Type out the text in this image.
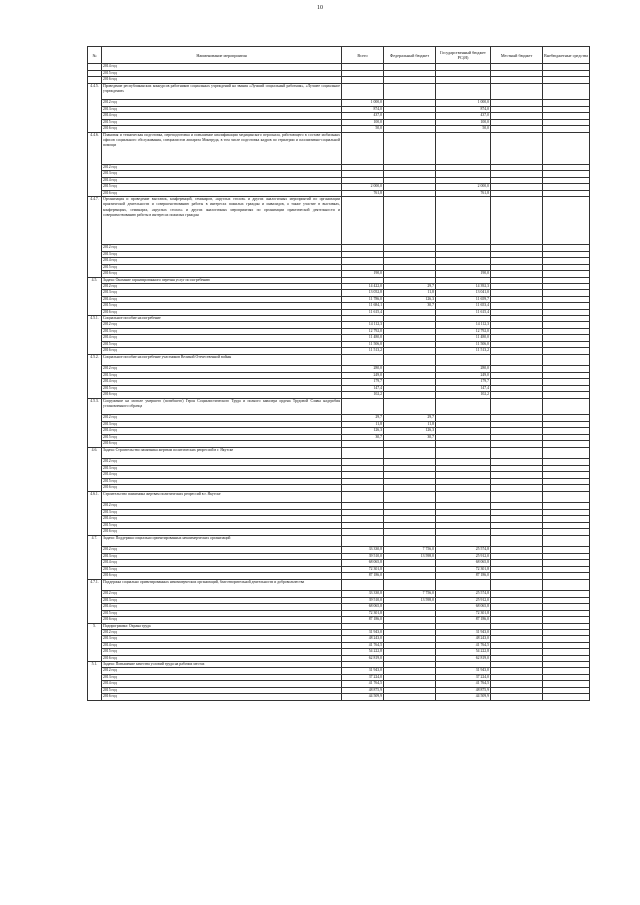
10
№	Наименование мероприятия	Всего	Федеральный бюджет	Государственный бюджет РС(Я)	Местный бюджет	Внебюджетные средства
	2014 год					
	2015 год					
	2016 год					
4.4.5.	Проведение республиканских конкурсов работников социальных учреждений на звания «Лучший социальный работник», «Лучшее социальное учреждение»					
	2012 год	1 000,0		1 000,0		
	2013 год	874,0		874,0		
	2014 год	437,0		437,0		
	2015 год	100,0		100,0		
	2016 год	50,0		50,0		
4.4.6.	Плановая и техническая подготовка, переподготовка и повышение квалификации медицинского персонала, работающего в составе мобильных офисов социального обслуживания, специалистов аппарата Минтруда, в том числе подготовка кадров по гериатрии и паллиативно-социальной помощи					
	2012 год					
	2013 год					
	2014 год					
	2015 год	2 000,0		2 000,0		
	2016 год	761,8		761,8		
4.4.7.	Организация и проведение выставок, конференций, семинаров, «круглых столов» и других аналогичных мероприятий по организации практической деятельности и совершенствованию работы в интересах пожилых граждан и инвалидов, а также участие в выставках, конференциях, семинарах, «круглых столах» и других аналогичных мероприятиях по организации практической деятельности и совершенствованию работы в интересах пожилых граждан					
	2012 год					
	2013 год					
	2014 год					
	2015 год					
	2016 год	190,0		190,0		
4.5.	Задача: Оказание гарантированного перечня услуг по погребению					
	2012 год	14 422,0	29,7	14 392,3		
	2013 год	13 052,8	11,8	13 041,0		
	2014 год	11 786,0	126,3	11 659,7		
	2015 год	11 684,1	30,7	11 653,4		
	2016 год	11 615,4		11 615,4		
4.5.1.	Социальное пособие на погребение					
	2012 год	14 112,3		14 112,3		
	2013 год	12 792,0		12 792,0		
	2014 год	11 480,0		11 480,0		
	2015 год	11 506,0		11 506,0		
	2016 год	11 513,2		11 513,2		
4.5.2.	Социальное пособие на погребение участников Великой Отечественной войны					
	2012 год	280,0		280,0		
	2013 год	249,0		249,0		
	2014 год	179,7		179,7		
	2015 год	147,4		147,4		
	2016 год	102,2		102,2		
4.5.3.	Сооружение на могиле умершего (погибшего) Героя Социалистического Труда и полного кавалера ордена Трудовой Славы надгробия установленного образца					
	2012 год	29,7	29,7			
	2013 год	11,8	11,8			
	2014 год	126,3	126,3			
	2015 год	30,7	30,7			
	2016 год					
4.6.	Задача: Строительство памятника жертвам политических репрессий в г. Якутске					
	2012 год					
	2013 год					
	2014 год					
	2015 год					
	2016 год					
4.6.1.	Строительство памятника жертвам политических репрессий в г. Якутске					
	2012 год					
	2013 год					
	2014 год					
	2015 год					
	2016 год					
4.7.	Задача: Поддержка социально ориентированных некоммерческих организаций					
	2012 год	33 330,8	7 756,0	25 574,8		
	2013 год	39 510,0	13 598,0	25 912,0		
	2014 год	68 065,8		68 065,8		
	2015 год	72 301,8		72 301,8		
	2016 год	87 186,0		87 186,0		
4.7.1.	Поддержка социально ориентированных некоммерческих организаций, благотворительной деятельности и добровольчества					
	2012 год	33 330,8	7 756,0	25 574,8		
	2013 год	39 510,0	13 598,0	25 912,0		
	2014 год	68 065,8		68 065,8		
	2015 год	72 301,8		72 301,8		
	2016 год	87 186,0		87 186,0		
5.	Подпрограмма: Охрана труда					
	2012 год	31 943,0		31 943,0		
	2013 год	48 243,0		48 243,0		
	2014 год	41 764,5		41 764,5		
	2015 год	54 222,8		54 222,8		
	2016 год	62 819,0		62 819,0		
5.1.	Задача: Повышение качества условий труда на рабочих местах					
	2012 год	31 943,0		31 943,0		
	2013 год	37 224,0		37 224,0		
	2014 год	41 764,5		41 764,5		
	2015 год	48 875,9		48 875,9		
	2016 год	44 509,9		44 509,9		
